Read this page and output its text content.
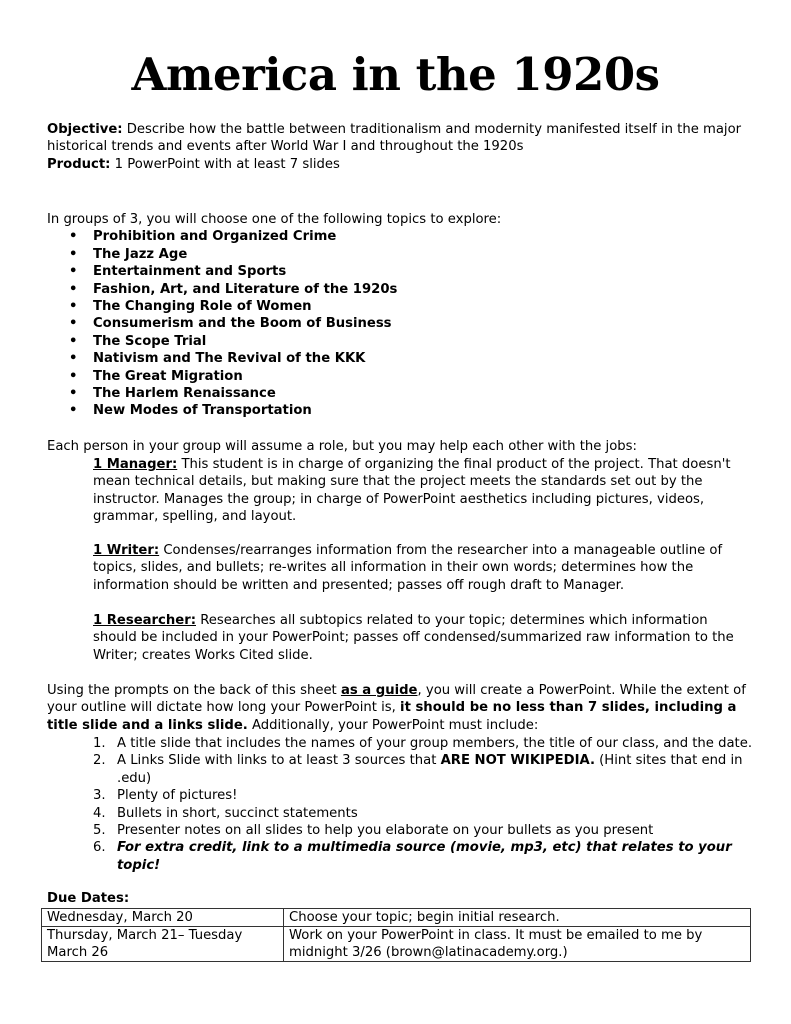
America in the 1920s
Objective: Describe how the battle between traditionalism and modernity manifested itself in the major historical trends and events after World War I and throughout the 1920s
Product: 1 PowerPoint with at least 7 slides
In groups of 3, you will choose one of the following topics to explore:
• Prohibition and Organized Crime
• The Jazz Age
• Entertainment and Sports
• Fashion, Art, and Literature of the 1920s
• The Changing Role of Women
• Consumerism and the Boom of Business
• The Scope Trial
• Nativism and The Revival of the KKK
• The Great Migration
• The Harlem Renaissance
• New Modes of Transportation
Each person in your group will assume a role, but you may help each other with the jobs:
1 Manager: This student is in charge of organizing the final product of the project. That doesn't mean technical details, but making sure that the project meets the standards set out by the instructor. Manages the group; in charge of PowerPoint aesthetics including pictures, videos, grammar, spelling, and layout.
1 Writer: Condenses/rearranges information from the researcher into a manageable outline of topics, slides, and bullets; re-writes all information in their own words; determines how the information should be written and presented; passes off rough draft to Manager.
1 Researcher: Researches all subtopics related to your topic; determines which information should be included in your PowerPoint; passes off condensed/summarized raw information to the Writer; creates Works Cited slide.
Using the prompts on the back of this sheet as a guide, you will create a PowerPoint. While the extent of your outline will dictate how long your PowerPoint is, it should be no less than 7 slides, including a title slide and a links slide. Additionally, your PowerPoint must include:
1. A title slide that includes the names of your group members, the title of our class, and the date.
2. A Links Slide with links to at least 3 sources that ARE NOT WIKIPEDIA. (Hint sites that end in .edu)
3. Plenty of pictures!
4. Bullets in short, succinct statements
5. Presenter notes on all slides to help you elaborate on your bullets as you present
6. For extra credit, link to a multimedia source (movie, mp3, etc) that relates to your topic!
Due Dates:
Wednesday, March 20	Choose your topic; begin initial research.
Thursday, March 21– Tuesday March 26	Work on your PowerPoint in class. It must be emailed to me by midnight 3/26 (brown@latinacademy.org.)
